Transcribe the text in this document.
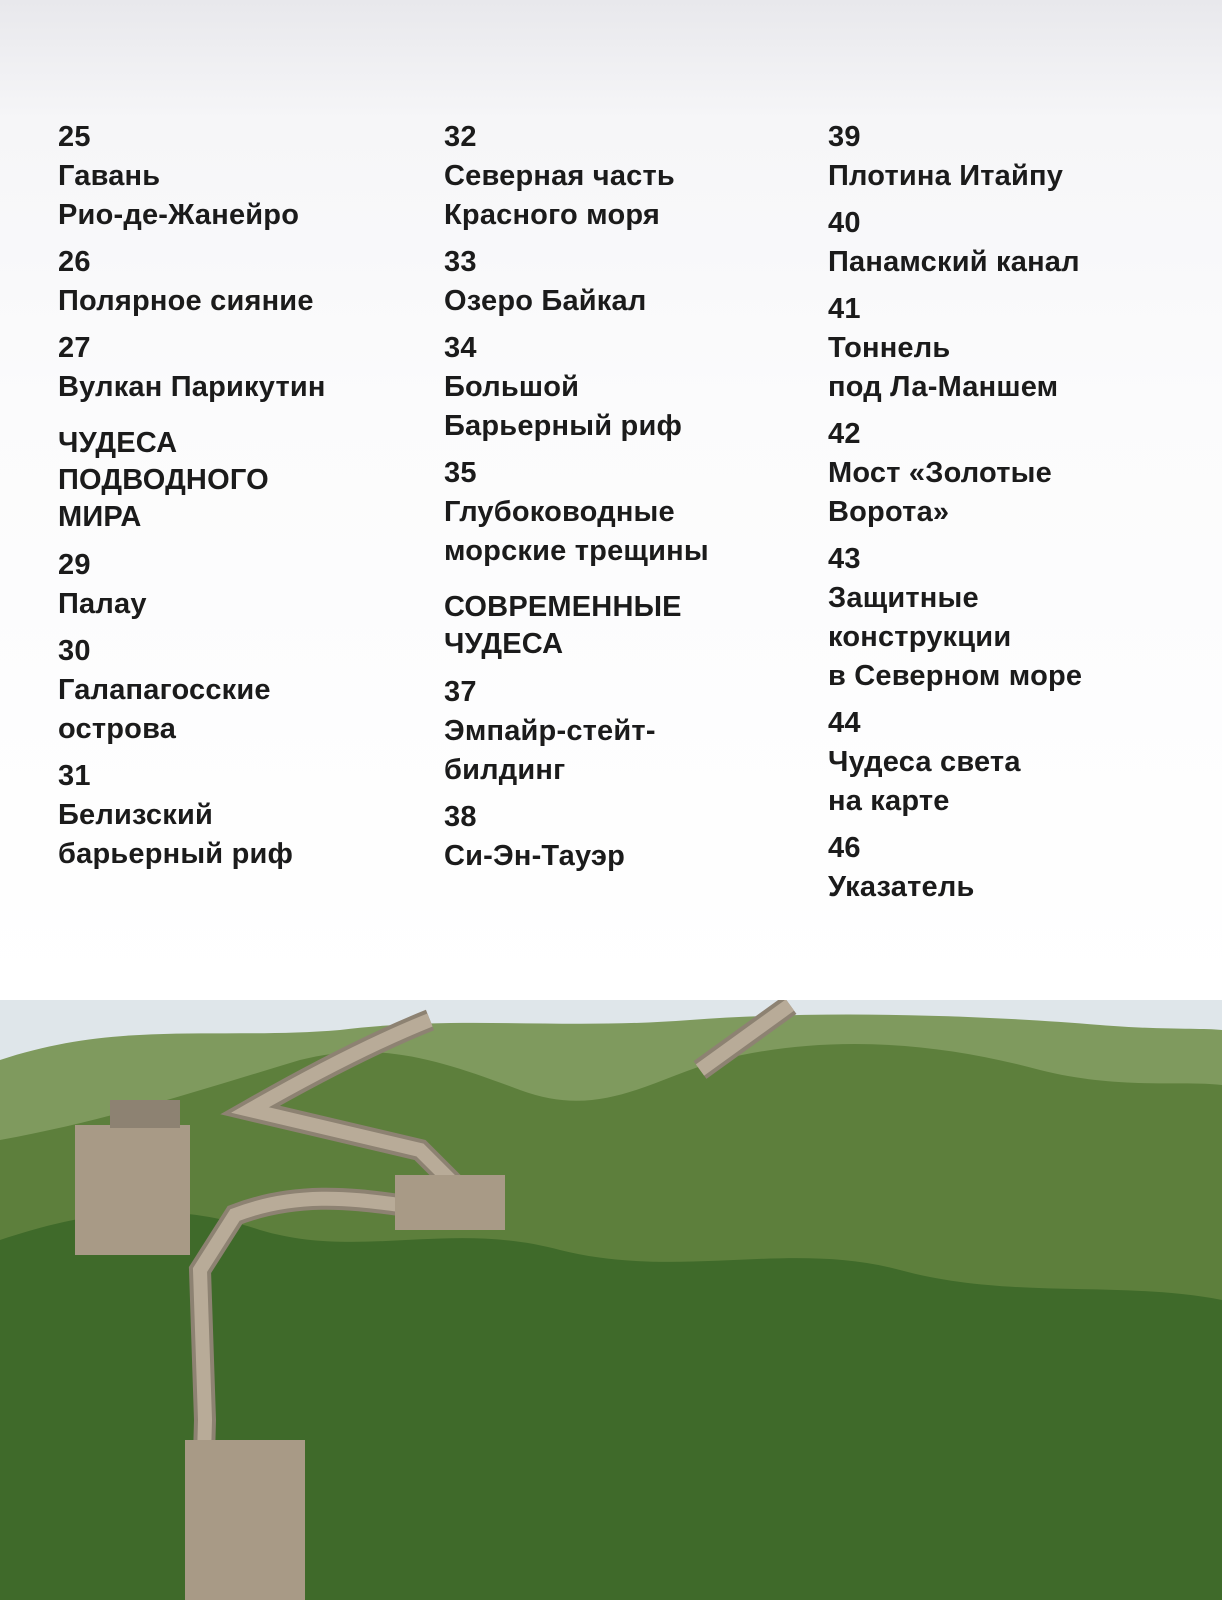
25
Гавань
Рио-де-Жанейро
26
Полярное сияние
27
Вулкан Парикутин
ЧУДЕСА
ПОДВОДНОГО
МИРА
29
Палау
30
Галапагосские
острова
31
Белизский
барьерный риф
32
Северная часть
Красного моря
33
Озеро Байкал
34
Большой
Барьерный риф
35
Глубоководные
морские трещины
СОВРЕМЕННЫЕ
ЧУДЕСА
37
Эмпайр-стейт-
билдинг
38
Си-Эн-Тауэр
39
Плотина Итайпу
40
Панамский канал
41
Тоннель
под Ла-Маншем
42
Мост «Золотые
Ворота»
43
Защитные
конструкции
в Северном море
44
Чудеса света
на карте
46
Указатель
